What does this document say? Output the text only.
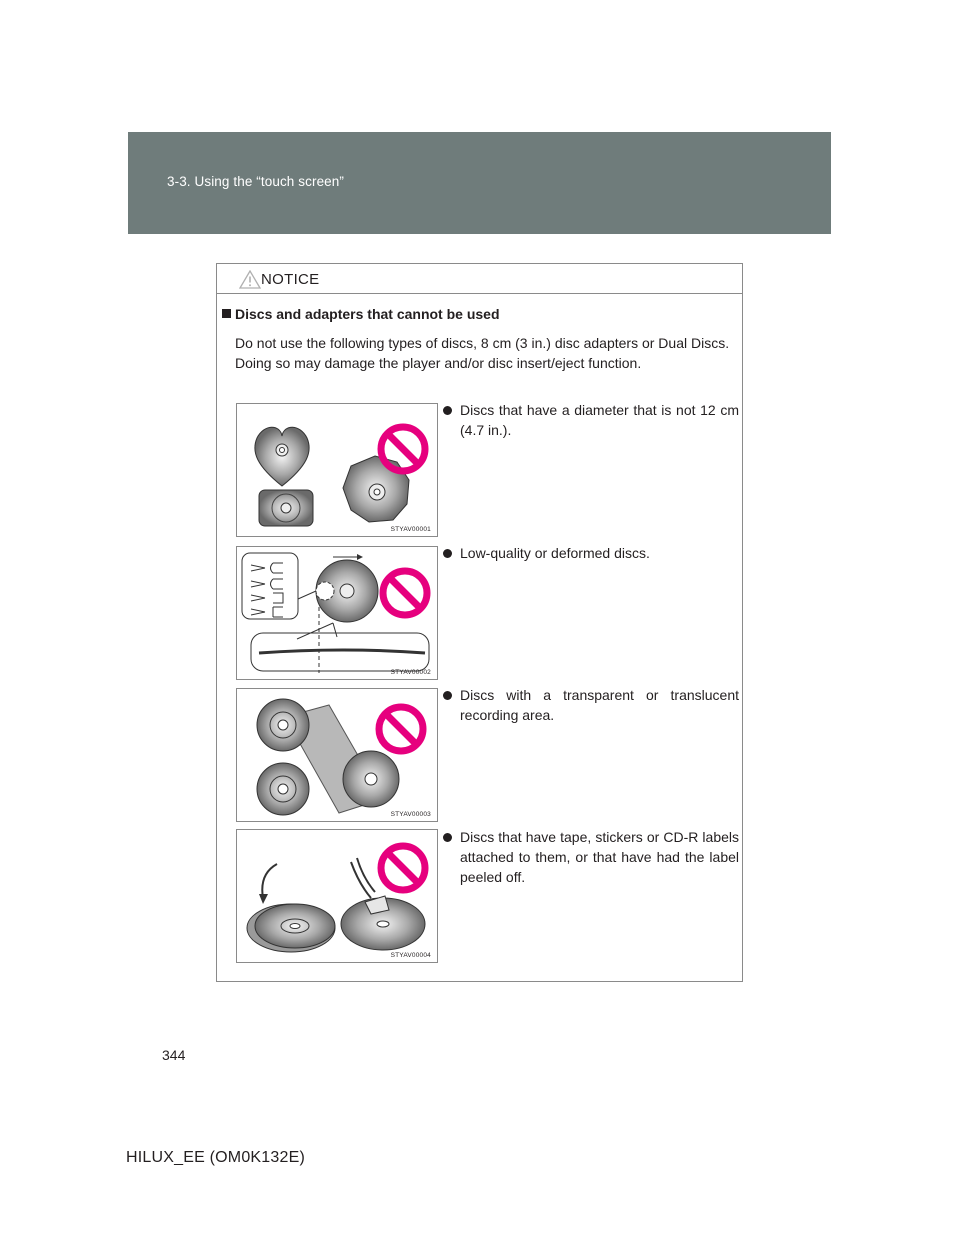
3-3. Using the “touch screen”
NOTICE
Discs and adapters that cannot be used

Do not use the following types of discs, 8 cm (3 in.) disc adapters or Dual Discs.

Doing so may damage the player and/or disc insert/eject function.

STYAV00001
Discs that have a diameter that is not 12 cm (4.7 in.).
STYAV00002
Low-quality or deformed discs.
STYAV00003
Discs with a transparent or translucent recording area.
STYAV00004
Discs that have tape, stickers or CD-R labels attached to them, or that have had the label peeled off.
344
HILUX_EE (OM0K132E)
